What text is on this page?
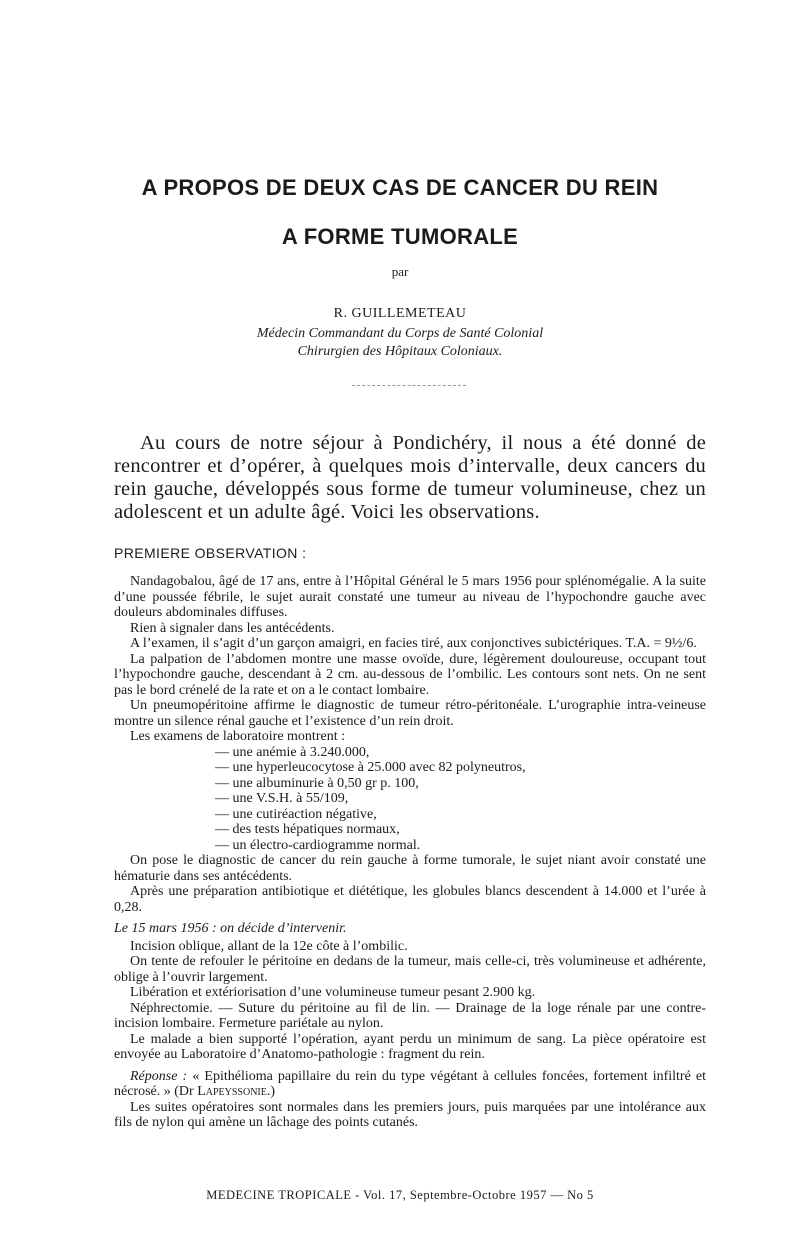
A PROPOS DE DEUX CAS DE CANCER DU REIN
A FORME TUMORALE
par
R. GUILLEMETEAU
Médecin Commandant du Corps de Santé Colonial
Chirurgien des Hôpitaux Coloniaux.

Au cours de notre séjour à Pondichéry, il nous a été donné de rencontrer et d’opérer, à quelques mois d’intervalle, deux cancers du rein gauche, développés sous forme de tumeur volumineuse, chez un adolescent et un adulte âgé. Voici les observations.

PREMIERE OBSERVATION :

Nandagobalou, âgé de 17 ans, entre à l’Hôpital Général le 5 mars 1956 pour splénomégalie. A la suite d’une poussée fébrile, le sujet aurait constaté une tumeur au niveau de l’hypochondre gauche avec douleurs abdominales diffuses.

Rien à signaler dans les antécédents.

A l’examen, il s’agit d’un garçon amaigri, en facies tiré, aux conjonctives subictériques. T.A. = 9½/6.

La palpation de l’abdomen montre une masse ovoïde, dure, légèrement douloureuse, occupant tout l’hypochondre gauche, descendant à 2 cm. au-dessous de l’ombilic. Les contours sont nets. On ne sent pas le bord crénelé de la rate et on a le contact lombaire.

Un pneumopéritoine affirme le diagnostic de tumeur rétro-péritonéale. L’urographie intra-veineuse montre un silence rénal gauche et l’existence d’un rein droit.

Les examens de laboratoire montrent :

— une anémie à 3.240.000,
— une hyperleucocytose à 25.000 avec 82 polyneutros,
— une albuminurie à 0,50 gr p. 100,
— une V.S.H. à 55/109,
— une cutiréaction négative,
— des tests hépatiques normaux,
— un électro-cardiogramme normal.

On pose le diagnostic de cancer du rein gauche à forme tumorale, le sujet niant avoir constaté une hématurie dans ses antécédents.

Après une préparation antibiotique et diététique, les globules blancs descendent à 14.000 et l’urée à 0,28.

Le 15 mars 1956 : on décide d’intervenir.

Incision oblique, allant de la 12e côte à l’ombilic.

On tente de refouler le péritoine en dedans de la tumeur, mais celle-ci, très volumineuse et adhérente, oblige à l’ouvrir largement.

Libération et extériorisation d’une volumineuse tumeur pesant 2.900 kg.

Néphrectomie. — Suture du péritoine au fil de lin. — Drainage de la loge rénale par une contre-incision lombaire. Fermeture pariétale au nylon.

Le malade a bien supporté l’opération, ayant perdu un minimum de sang. La pièce opératoire est envoyée au Laboratoire d’Anatomo-pathologie : fragment du rein.

Réponse : « Epithélioma papillaire du rein du type végétant à cellules foncées, fortement infiltré et nécrosé. » (Dr Lapeyssonie.)

Les suites opératoires sont normales dans les premiers jours, puis marquées par une intolérance aux fils de nylon qui amène un lâchage des points cutanés.

MEDECINE TROPICALE - Vol. 17, Septembre-Octobre 1957 — No 5
